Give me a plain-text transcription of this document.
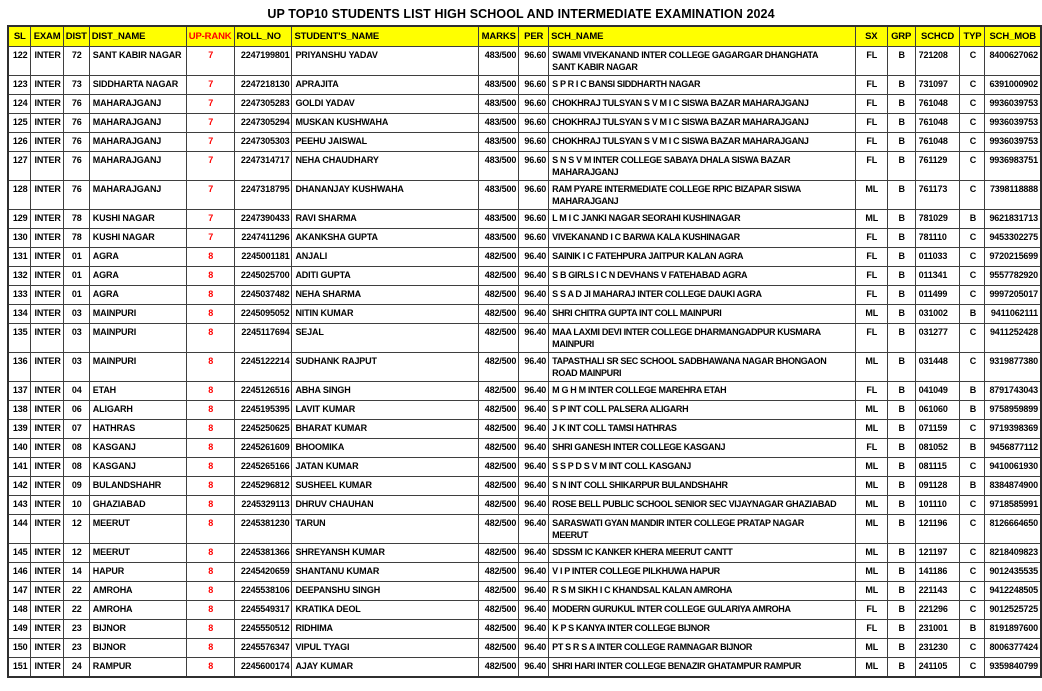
UP TOP10 STUDENTS LIST HIGH SCHOOL AND INTERMEDIATE EXAMINATION 2024
SL	EXAM	DIST	DIST_NAME	UP-RANK	ROLL_NO	STUDENT'S_NAME	MARKS	PER	SCH_NAME	SX	GRP	SCHCD	TYP	SCH_MOB
122	INTER	72	SANT KABIR NAGAR	7	2247199801	PRIYANSHU YADAV	483/500	96.60	SWAMI VIVEKANAND INTER COLLEGE GAGARGAR DHANGHATA
SANT KABIR NAGAR	FL	B	721208	C	8400627062
123	INTER	73	SIDDHARTA NAGAR	7	2247218130	APRAJITA	483/500	96.60	S P R I C BANSI SIDDHARTH NAGAR	FL	B	731097	C	6391000902
124	INTER	76	MAHARAJGANJ	7	2247305283	GOLDI YADAV	483/500	96.60	CHOKHRAJ TULSYAN S V M I C SISWA BAZAR MAHARAJGANJ	FL	B	761048	C	9936039753
125	INTER	76	MAHARAJGANJ	7	2247305294	MUSKAN KUSHWAHA	483/500	96.60	CHOKHRAJ TULSYAN S V M I C SISWA BAZAR MAHARAJGANJ	FL	B	761048	C	9936039753
126	INTER	76	MAHARAJGANJ	7	2247305303	PEEHU JAISWAL	483/500	96.60	CHOKHRAJ TULSYAN S V M I C SISWA BAZAR MAHARAJGANJ	FL	B	761048	C	9936039753
127	INTER	76	MAHARAJGANJ	7	2247314717	NEHA CHAUDHARY	483/500	96.60	S N S V M INTER COLLEGE SABAYA DHALA SISWA BAZAR
MAHARAJGANJ	FL	B	761129	C	9936983751
128	INTER	76	MAHARAJGANJ	7	2247318795	DHANANJAY KUSHWAHA	483/500	96.60	RAM PYARE INTERMEDIATE COLLEGE RPIC BIZAPAR SISWA
MAHARAJGANJ	ML	B	761173	C	7398118888
129	INTER	78	KUSHI NAGAR	7	2247390433	RAVI SHARMA	483/500	96.60	L M I C JANKI NAGAR SEORAHI KUSHINAGAR	ML	B	781029	B	9621831713
130	INTER	78	KUSHI NAGAR	7	2247411296	AKANKSHA GUPTA	483/500	96.60	VIVEKANAND I C BARWA KALA KUSHINAGAR	FL	B	781110	C	9453302275
131	INTER	01	AGRA	8	2245001181	ANJALI	482/500	96.40	SAINIK I C FATEHPURA JAITPUR KALAN AGRA	FL	B	011033	C	9720215699
132	INTER	01	AGRA	8	2245025700	ADITI GUPTA	482/500	96.40	S B GIRLS I C N DEVHANS V FATEHABAD AGRA	FL	B	011341	C	9557782920
133	INTER	01	AGRA	8	2245037482	NEHA SHARMA	482/500	96.40	S S A D JI MAHARAJ INTER COLLEGE DAUKI AGRA	FL	B	011499	C	9997205017
134	INTER	03	MAINPURI	8	2245095052	NITIN KUMAR	482/500	96.40	SHRI CHITRA GUPTA INT COLL MAINPURI	ML	B	031002	B	9411062111
135	INTER	03	MAINPURI	8	2245117694	SEJAL	482/500	96.40	MAA LAXMI DEVI INTER COLLEGE DHARMANGADPUR KUSMARA
MAINPURI	FL	B	031277	C	9411252428
136	INTER	03	MAINPURI	8	2245122214	SUDHANK RAJPUT	482/500	96.40	TAPASTHALI SR SEC SCHOOL SADBHAWANA NAGAR BHONGAON
ROAD MAINPURI	ML	B	031448	C	9319877380
137	INTER	04	ETAH	8	2245126516	ABHA SINGH	482/500	96.40	M G H M INTER COLLEGE MAREHRA ETAH	FL	B	041049	B	8791743043
138	INTER	06	ALIGARH	8	2245195395	LAVIT KUMAR	482/500	96.40	S P INT COLL PALSERA ALIGARH	ML	B	061060	B	9758959899
139	INTER	07	HATHRAS	8	2245250625	BHARAT KUMAR	482/500	96.40	J K INT COLL TAMSI HATHRAS	ML	B	071159	C	9719398369
140	INTER	08	KASGANJ	8	2245261609	BHOOMIKA	482/500	96.40	SHRI GANESH INTER COLLEGE KASGANJ	FL	B	081052	B	9456877112
141	INTER	08	KASGANJ	8	2245265166	JATAN KUMAR	482/500	96.40	S S P D S V M INT COLL KASGANJ	ML	B	081115	C	9410061930
142	INTER	09	BULANDSHAHR	8	2245296812	SUSHEEL KUMAR	482/500	96.40	S N INT COLL SHIKARPUR BULANDSHAHR	ML	B	091128	B	8384874900
143	INTER	10	GHAZIABAD	8	2245329113	DHRUV CHAUHAN	482/500	96.40	ROSE BELL PUBLIC SCHOOL SENIOR SEC VIJAYNAGAR GHAZIABAD	ML	B	101110	C	9718585991
144	INTER	12	MEERUT	8	2245381230	TARUN	482/500	96.40	SARASWATI GYAN MANDIR INTER COLLEGE PRATAP NAGAR
MEERUT	ML	B	121196	C	8126664650
145	INTER	12	MEERUT	8	2245381366	SHREYANSH KUMAR	482/500	96.40	SDSSM IC KANKER KHERA MEERUT CANTT	ML	B	121197	C	8218409823
146	INTER	14	HAPUR	8	2245420659	SHANTANU KUMAR	482/500	96.40	V I P INTER COLLEGE PILKHUWA HAPUR	ML	B	141186	C	9012435535
147	INTER	22	AMROHA	8	2245538106	DEEPANSHU SINGH	482/500	96.40	R S M SIKH I C KHANDSAL KALAN AMROHA	ML	B	221143	C	9412248505
148	INTER	22	AMROHA	8	2245549317	KRATIKA DEOL	482/500	96.40	MODERN GURUKUL INTER COLLEGE GULARIYA AMROHA	FL	B	221296	C	9012525725
149	INTER	23	BIJNOR	8	2245550512	RIDHIMA	482/500	96.40	K P S KANYA INTER COLLEGE BIJNOR	FL	B	231001	B	8191897600
150	INTER	23	BIJNOR	8	2245576347	VIPUL TYAGI	482/500	96.40	PT S R S A INTER COLLEGE RAMNAGAR BIJNOR	ML	B	231230	C	8006377424
151	INTER	24	RAMPUR	8	2245600174	AJAY KUMAR	482/500	96.40	SHRI HARI INTER COLLEGE BENAZIR GHATAMPUR RAMPUR	ML	B	241105	C	9359840799
